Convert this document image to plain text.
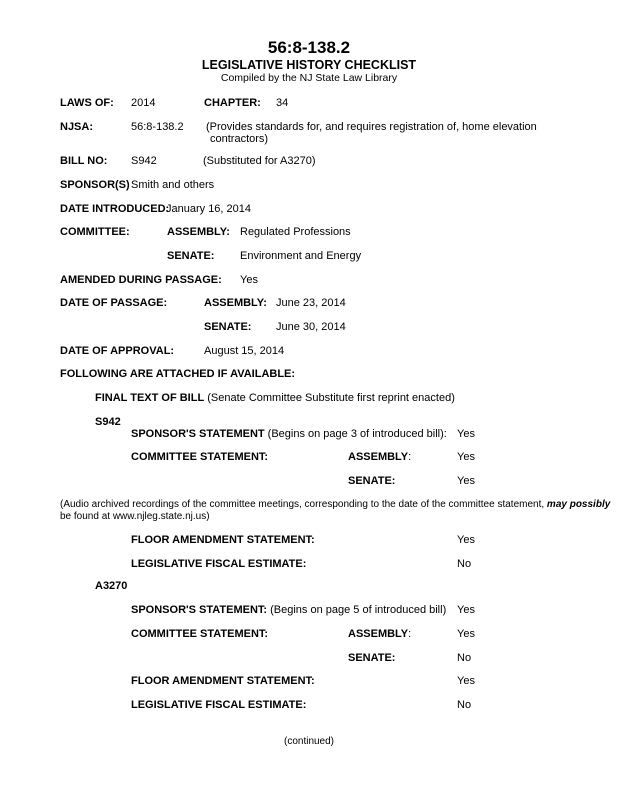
56:8-138.2
LEGISLATIVE HISTORY CHECKLIST
Compiled by the NJ State Law Library
LAWS OF: 2014	CHAPTER: 34
NJSA:	56:8-138.2 (Provides standards for, and requires registration of, home elevation
contractors)
BILL NO: S942	(Substituted for A3270)
SPONSOR(S) Smith and others
DATE INTRODUCED:
January 16, 2014
COMMITTEE:	ASSEMBLY: Regulated Professions
SENATE: Environment and Energy
AMENDED DURING PASSAGE: Yes
DATE OF PASSAGE:	ASSEMBLY: June 23, 2014
SENATE: June 30, 2014
DATE OF APPROVAL:	August 15, 2014
FOLLOWING ARE ATTACHED IF AVAILABLE:
FINAL TEXT OF BILL (Senate Committee Substitute first reprint enacted)
S942
SPONSOR'S STATEMENT (Begins on page 3 of introduced bill): Yes
COMMITTEE STATEMENT:	ASSEMBLY:	Yes
SENATE:	Yes
(Audio archived recordings of the committee meetings, corresponding to the date of the committee statement, may possibly
be found at www.njleg.state.nj.us)
FLOOR AMENDMENT STATEMENT:	Yes
LEGISLATIVE FISCAL ESTIMATE:	No
A3270
SPONSOR'S STATEMENT: (Begins on page 5 of introduced bill) Yes
COMMITTEE STATEMENT:	ASSEMBLY:	Yes
SENATE:	No
FLOOR AMENDMENT STATEMENT:	Yes
LEGISLATIVE FISCAL ESTIMATE:	No
(continued)
